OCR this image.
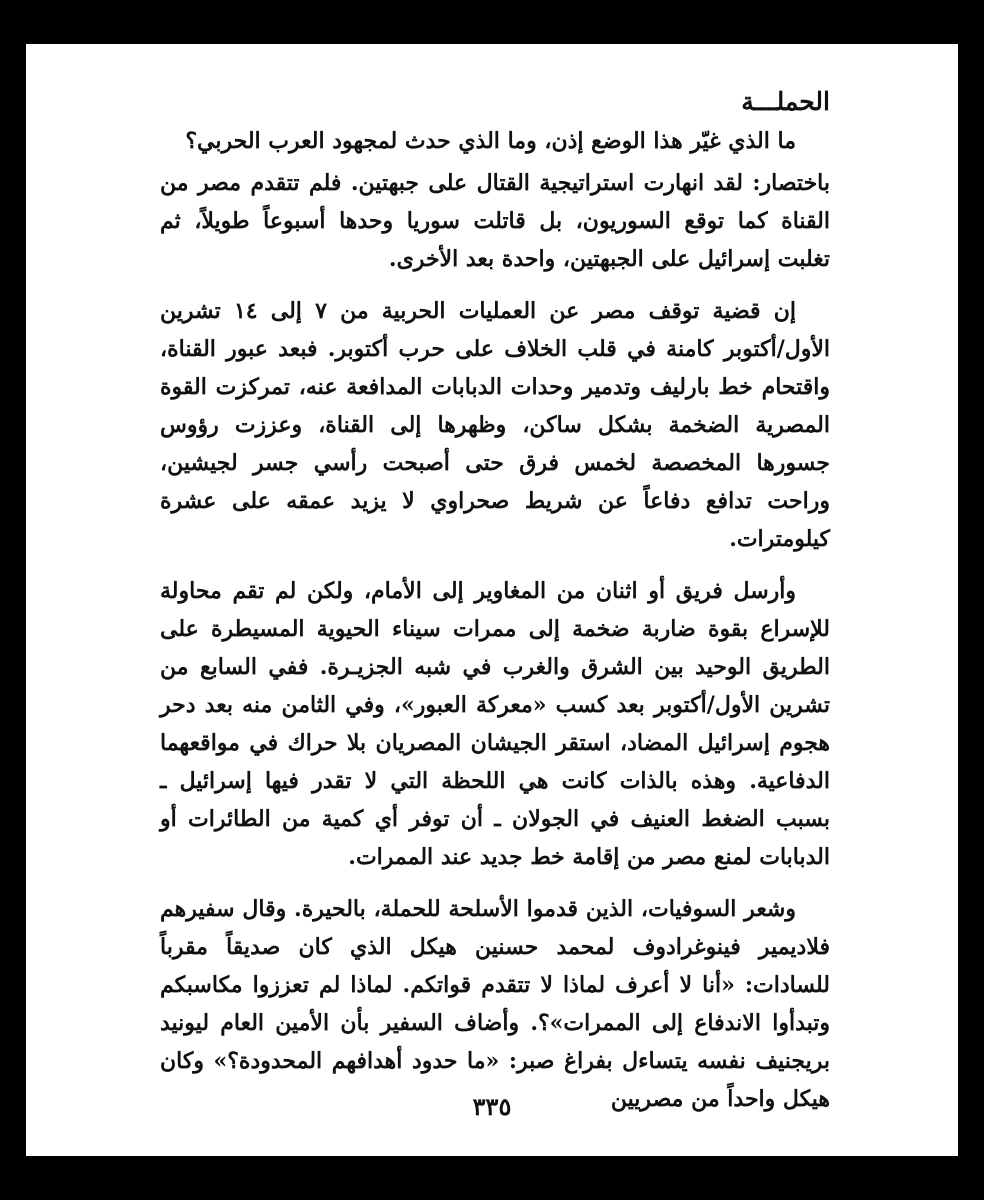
الحملـــة

ما الذي غيّر هذا الوضع إذن، وما الذي حدث لمجهود العرب الحربي؟

باختصار: لقد انهارت استراتيجية القتال على جبهتين. فلم تتقدم مصر من القناة كما توقع السوريون، بل قاتلت سوريا وحدها أسبوعاً طويلاً، ثم تغلبت إسرائيل على الجبهتين، واحدة بعد الأخرى.

إن قضية توقف مصر عن العمليات الحربية من ٧ إلى ١٤ تشرين الأول/أكتوبر كامنة في قلب الخلاف على حرب أكتوبر. فبعد عبور القناة، واقتحام خط بارليف وتدمير وحدات الدبابات المدافعة عنه، تمركزت القوة المصرية الضخمة بشكل ساكن، وظهرها إلى القناة، وعززت رؤوس جسورها المخصصة لخمس فرق حتى أصبحت رأسي جسر لجيشين، وراحت تدافع دفاعاً عن شريط صحراوي لا يزيد عمقه على عشرة كيلومترات.

وأرسل فريق أو اثنان من المغاوير إلى الأمام، ولكن لم تقم محاولة للإسراع بقوة ضاربة ضخمة إلى ممرات سيناء الحيوية المسيطرة على الطريق الوحيد بين الشرق والغرب في شبه الجزيـرة. ففي السابع من تشرين الأول/أكتوبر بعد كسب «معركة العبور»، وفي الثامن منه بعد دحر هجوم إسرائيل المضاد، استقر الجيشان المصريان بلا حراك في مواقعهما الدفاعية. وهذه بالذات كانت هي اللحظة التي لا تقدر فيها إسرائيل ـ بسبب الضغط العنيف في الجولان ـ أن توفر أي كمية من الطائرات أو الدبابات لمنع مصر من إقامة خط جديد عند الممرات.

وشعر السوفيات، الذين قدموا الأسلحة للحملة، بالحيرة. وقال سفيرهم فلاديمير فينوغرادوف لمحمد حسنين هيكل الذي كان صديقاً مقرباً للسادات: «أنا لا أعرف لماذا لا تتقدم قواتكم. لماذا لم تعززوا مكاسبكم وتبدأوا الاندفاع إلى الممرات»؟. وأضاف السفير بأن الأمين العام ليونيد بريجنيف نفسه يتساءل بفراغ صبر: «ما حدود أهدافهم المحدودة؟» وكان هيكل واحداً من مصريين

٣٣٥
